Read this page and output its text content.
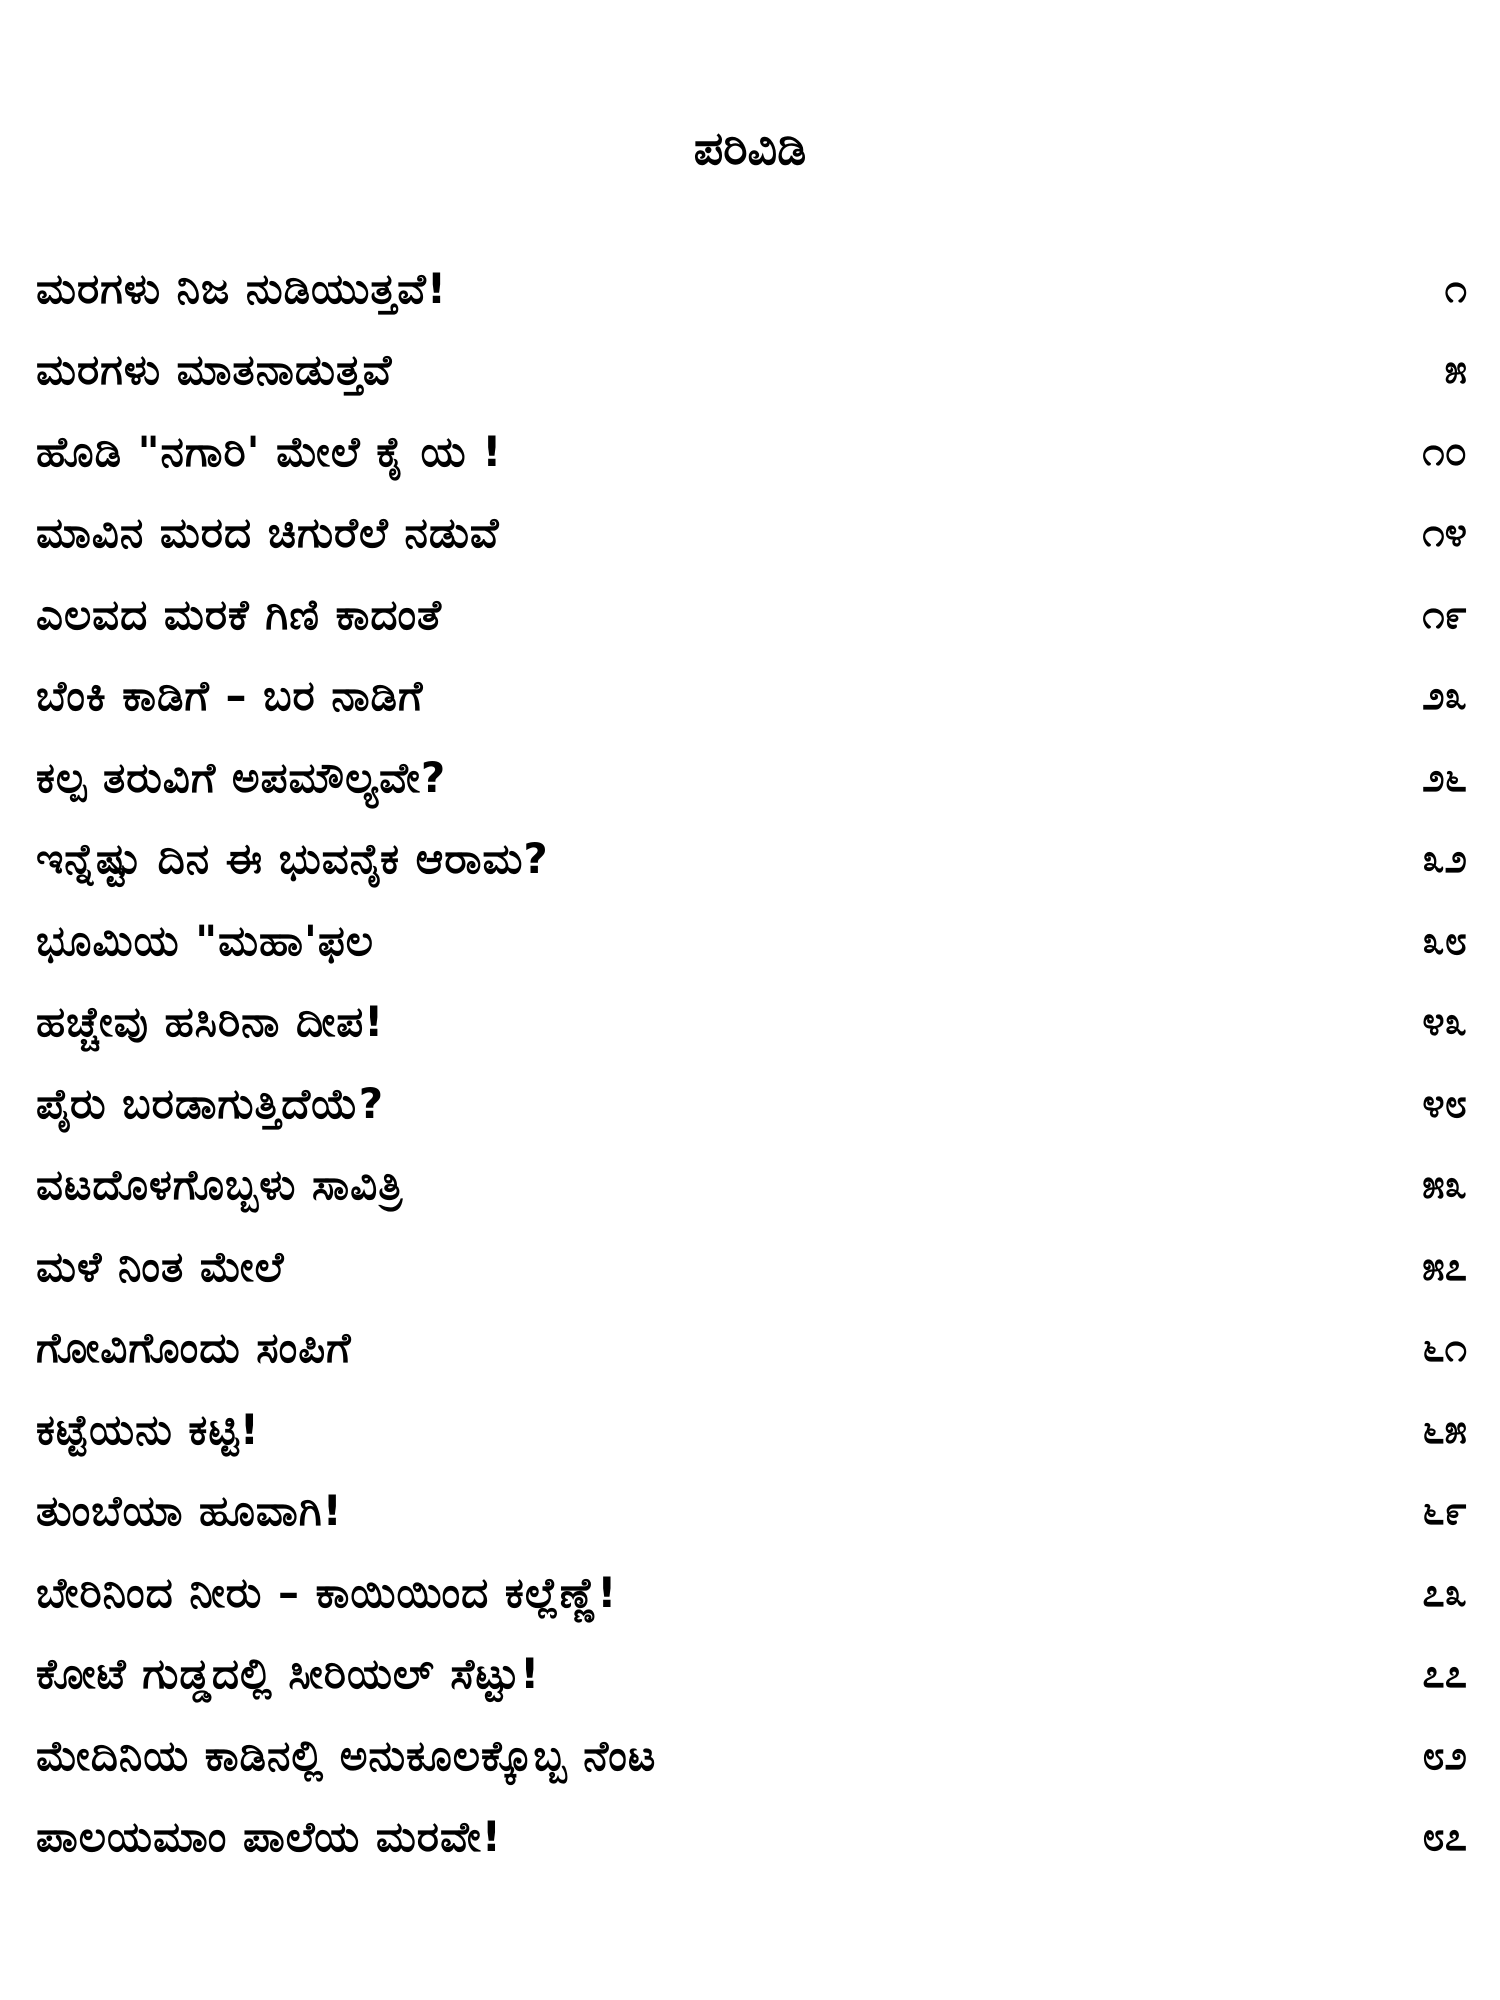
ಪರಿವಿಡಿ
ಮರಗಳು ನಿಜ ನುಡಿಯುತ್ತವೆ!	೧
ಮರಗಳು ಮಾತನಾಡುತ್ತವೆ	೫
ಹೊಡಿ "ನಗಾರಿ' ಮೇಲೆ ಕೈ ಯ !	೧೦
ಮಾವಿನ ಮರದ ಚಿಗುರೆಲೆ ನಡುವೆ	೧೪
ಎಲವದ ಮರಕೆ ಗಿಣಿ ಕಾದಂತೆ	೧೯
ಬೆಂಕಿ ಕಾಡಿಗೆ – ಬರ ನಾಡಿಗೆ	೨೩
ಕಲ್ಪ ತರುವಿಗೆ ಅಪಮೌಲ್ಯವೇ?	೨೬
ಇನ್ನೆಷ್ಟು ದಿನ ಈ ಭುವನೈಕ ಆರಾಮ?	೩೨
ಭೂಮಿಯ "ಮಹಾ'ಫಲ	೩೮
ಹಚ್ಚೇವು ಹಸಿರಿನಾ ದೀಪ!	೪೩
ಪೈರು ಬರಡಾಗುತ್ತಿದೆಯೆ?	೪೮
ವಟದೊಳಗೊಬ್ಬಳು ಸಾವಿತ್ರಿ	೫೩
ಮಳೆ ನಿಂತ ಮೇಲೆ	೫೭
ಗೋವಿಗೊಂದು ಸಂಪಿಗೆ	೬೧
ಕಟ್ಟೆಯನು ಕಟ್ಟಿ!	೬೫
ತುಂಬೆಯಾ ಹೂವಾಗಿ!	೬೯
ಬೇರಿನಿಂದ ನೀರು – ಕಾಯಿಯಿಂದ ಕಲ್ಲೆಣ್ಣೆ!	೭೩
ಕೋಟೆ ಗುಡ್ಡದಲ್ಲಿ ಸೀರಿಯಲ್ ಸೆಟ್ಟು!	೭೭
ಮೇದಿನಿಯ ಕಾಡಿನಲ್ಲಿ ಅನುಕೂಲಕ್ಕೊಬ್ಬ ನೆಂಟ	೮೨
ಪಾಲಯಮಾಂ ಪಾಲೆಯ ಮರವೇ!	೮೭
